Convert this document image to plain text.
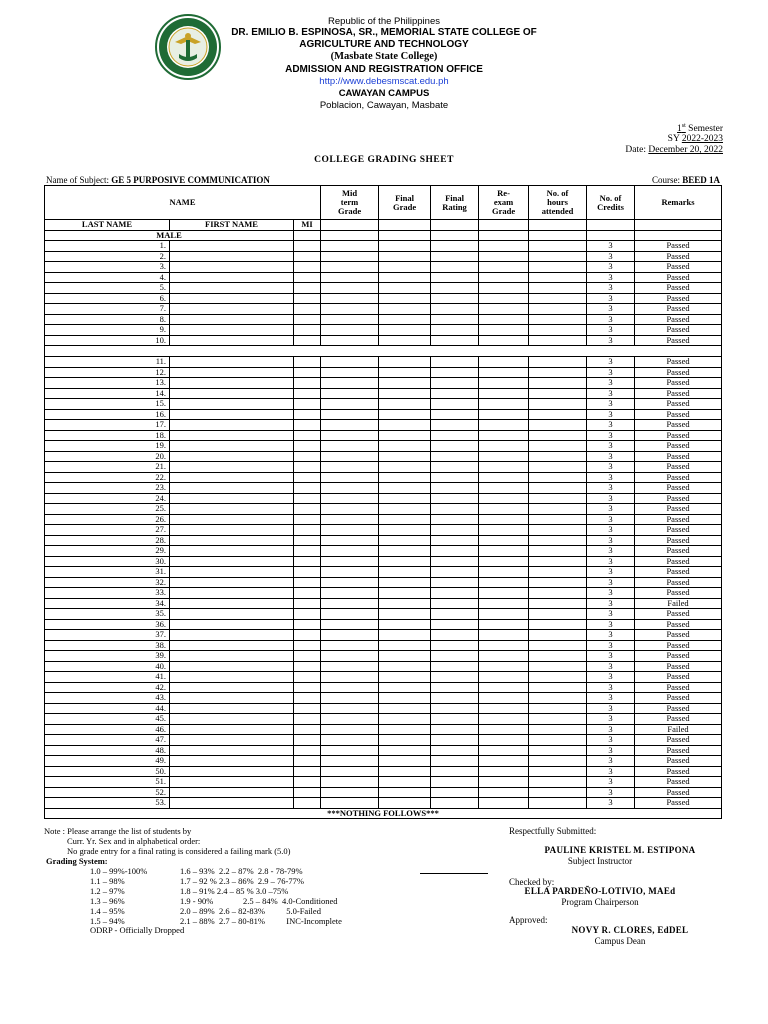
Republic of the Philippines
DR. EMILIO B. ESPINOSA, SR., MEMORIAL STATE COLLEGE OF
AGRICULTURE AND TECHNOLOGY
(Masbate State College)
ADMISSION AND REGISTRATION OFFICE
http://www.debesmscat.edu.ph
CAWAYAN CAMPUS
Poblacion, Cawayan, Masbate
1st Semester
SY 2022-2023
Date: December 20, 2022
COLLEGE GRADING SHEET
Name of Subject: GE 5 PURPOSIVE COMMUNICATION	Course: BEED 1A
NAME			Mid
term
Grade	Final
Grade	Final
Rating	Re-
exam
Grade	No. of
hours
attended	No. of
Credits	Remarks
LAST NAME	FIRST NAME	MI							
MALE									
1.								3	Passed
2.								3	Passed
3.								3	Passed
4.								3	Passed
5.								3	Passed
6.								3	Passed
7.								3	Passed
8.								3	Passed
9.								3	Passed
10.								3	Passed

11.								3	Passed
12.								3	Passed
13.								3	Passed
14.								3	Passed
15.								3	Passed
16.								3	Passed
17.								3	Passed
18.								3	Passed
19.								3	Passed
20.								3	Passed
21.								3	Passed
22.								3	Passed
23.								3	Passed
24.								3	Passed
25.								3	Passed
26.								3	Passed
27.								3	Passed
28.								3	Passed
29.								3	Passed
30.								3	Passed
31.								3	Passed
32.								3	Passed
33.								3	Passed
34.								3	Failed
35.								3	Passed
36.								3	Passed
37.								3	Passed
38.								3	Passed
39.								3	Passed
40.								3	Passed
41.								3	Passed
42.								3	Passed
43.								3	Passed
44.								3	Passed
45.								3	Passed
46.								3	Failed
47.								3	Passed
48.								3	Passed
49.								3	Passed
50.								3	Passed
51.								3	Passed
52.								3	Passed
53.								3	Passed
***NOTHING FOLLOWS***									
Note : Please arrange the list of students by
Curr. Yr. Sex and in alphabetical order:
No grade entry for a final rating is considered a failing mark (5.0)
Grading System:
1.0 – 99%-100%	1.6 – 93%  2.2 – 87%  2.8 - 78-79%
1.1 – 98%	1.7 – 92 % 2.3 – 86%  2.9 – 76-77%
1.2 – 97%	1.8 – 91% 2.4 – 85 % 3.0 –75%
1.3 – 96%	1.9 - 90%              2.5 – 84%  4.0-Conditioned
1.4 – 95%	2.0 – 89%  2.6 – 82-83%          5.0-Failed
1.5 – 94%	2.1 – 88%  2.7 – 80-81%          INC-Incomplete
ODRP - Officially Dropped
Respectfully Submitted:
PAULINE KRISTEL M. ESTIPONA
Subject Instructor
Checked by:
ELLA PARDEÑO-LOTIVIO, MAEd
Program Chairperson
Approved:
NOVY R. CLORES, EdDEL
Campus Dean
